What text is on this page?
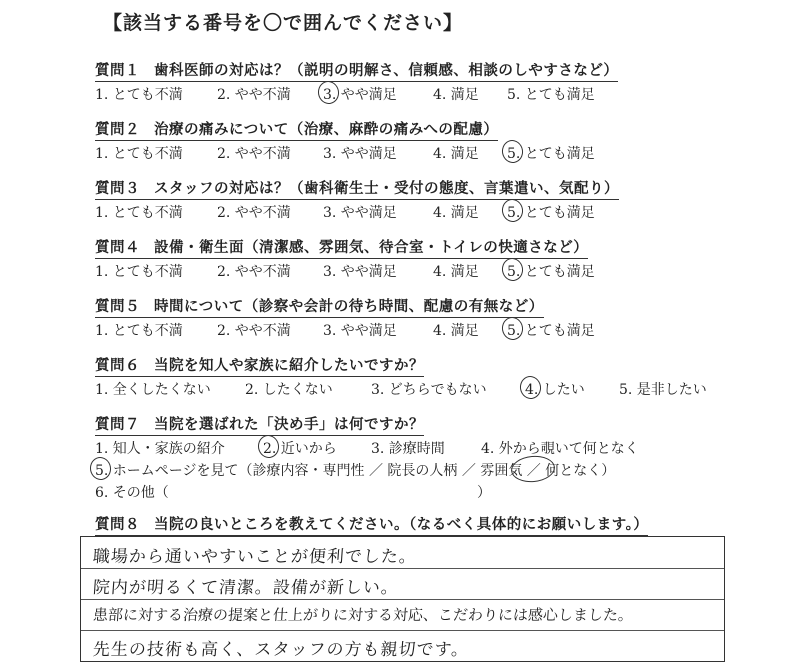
【該当する番号を〇で囲んでください】
質問１ 歯科医師の対応は？（説明の明解さ、信頼感、相談のしやすさなど）
1. とても不満 2. やや不満 3. やや満足	4. 満足 5. とても満足
質問２ 治療の痛みについて（治療、麻酔の痛みへの配慮）
1. とても不満 2. やや不満 3. やや満足	4. 満足 5. とても満足
質問３ スタッフの対応は？（歯科衛生士・受付の態度、言葉遣い、気配り）
1. とても不満 2. やや不満 3. やや満足	4. 満足 5. とても満足
質問４ 設備・衛生面（清潔感、雰囲気、待合室・トイレの快適さなど）
1. とても不満 2. やや不満 3. やや満足	4. 満足 5. とても満足
質問５ 時間について（診察や会計の待ち時間、配慮の有無など）
1. とても不満 2. やや不満 3. やや満足	4. 満足 5. とても満足
質問６ 当院を知人や家族に紹介したいですか？
1. 全くしたくない 2. したくない	3. どちらでもない	4. したい 5. 是非したい
質問７ 当院を選ばれた「決め手」は何ですか？
1. 知人・家族の紹介	2. 近いから 3. 診療時間	4. 外から覗いて何となく
5. ホームページを見て（診療内容・専門性 ／ 院長の人柄 ／ 雰囲気 ／ 何となく）
6. その他（	）
質問８ 当院の良いところを教えてください。（なるべく具体的にお願いします。）
職場から通いやすいことが便利でした。
院内が明るくて清潔。設備が新しい。
患部に対する治療の提案と仕上がりに対する対応、こだわりには感心しました。
先生の技術も高く、スタッフの方も親切です。
